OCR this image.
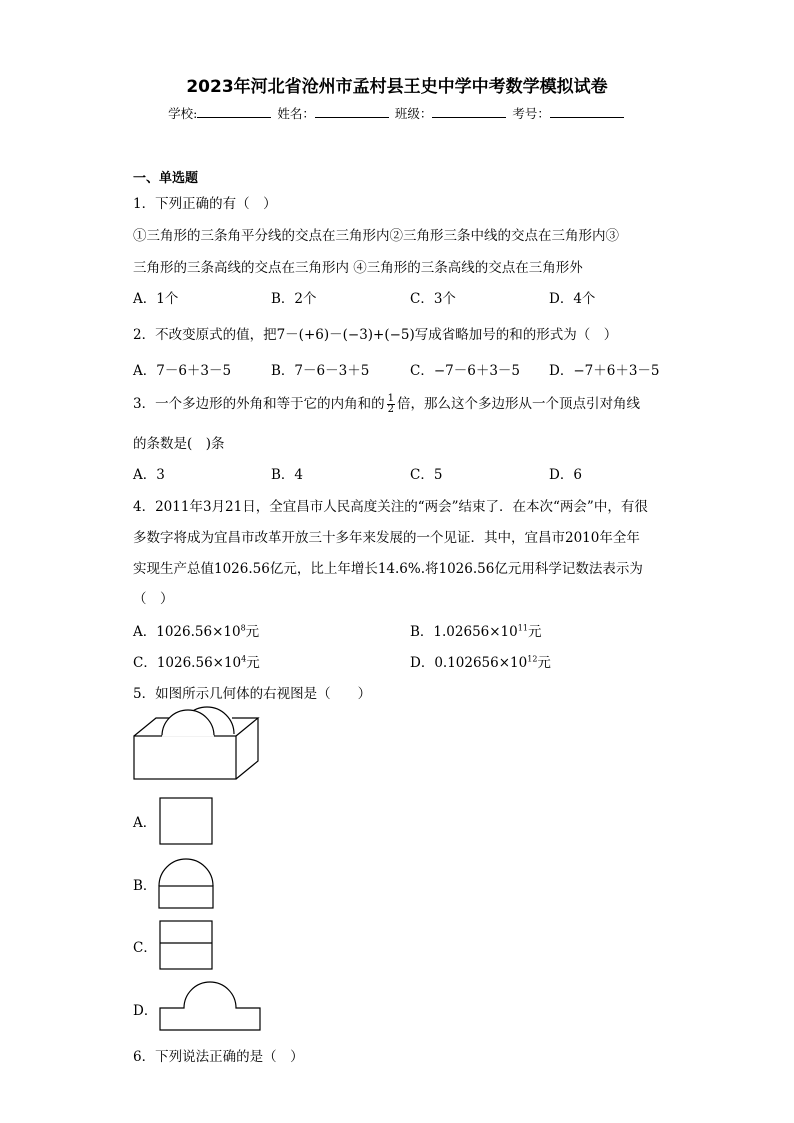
2023年河北省沧州市孟村县王史中学中考数学模拟试卷
学校:	姓名：	班级：	考号：
一、单选题
1．下列正确的有（　）
①三角形的三条角平分线的交点在三角形内②三角形三条中线的交点在三角形内③
三角形的三条高线的交点在三角形内 ④三角形的三条高线的交点在三角形外
A．1个	B．2个	C．3个	D．4个
2．不改变原式的值，把7－(+6)－(−3)+(−5)写成省略加号的和的形式为（　）
A．7－6＋3－5	B．7－6－3＋5	C．−7－6＋3－5 D．−7＋6＋3－5
3．一个多边形的外角和等于它的内角和的 $\frac{1}{2}$ 倍，那么这个多边形从一个顶点引对角线
的条数是(　)条
A．3	B．4	C．5	D．6
4．2011年3月21日，全宜昌市人民高度关注的“两会”结束了．在本次“两会”中，有很
多数字将成为宜昌市改革开放三十多年来发展的一个见证．其中，宜昌市2010年全年
实现生产总值1026.56亿元，比上年增长14.6%.将1026.56亿元用科学记数法表示为
（　）
A．$1026.56\times 10^8$元	B．$1.02656\times 10^{11}$元
C．$1026.56\times 10^4$元	D．$0.102656\times 10^{12}$元
5．如图所示几何体的右视图是（　　）
A．
B．
C．
D．
6．下列说法正确的是（　）
